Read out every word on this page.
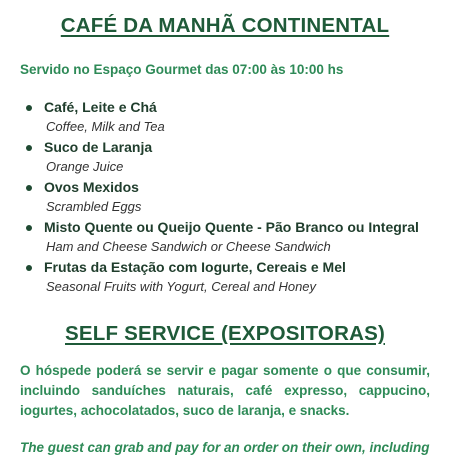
CAFÉ DA MANHÃ CONTINENTAL
Servido no Espaço Gourmet das 07:00 às 10:00 hs
Café, Leite e Chá
Coffee, Milk and Tea
Suco de Laranja
Orange Juice
Ovos Mexidos
Scrambled Eggs
Misto Quente ou Queijo Quente - Pão Branco ou Integral
Ham and Cheese Sandwich or Cheese Sandwich
Frutas da Estação com Iogurte, Cereais e Mel
Seasonal Fruits with Yogurt, Cereal and Honey
SELF SERVICE (EXPOSITORAS)

O hóspede poderá se servir e pagar somente o que consumir, incluindo sanduíches naturais, café expresso, cappucino, iogurtes, achocolatados, suco de laranja, e snacks.

The guest can grab and pay for an order on their own, including
